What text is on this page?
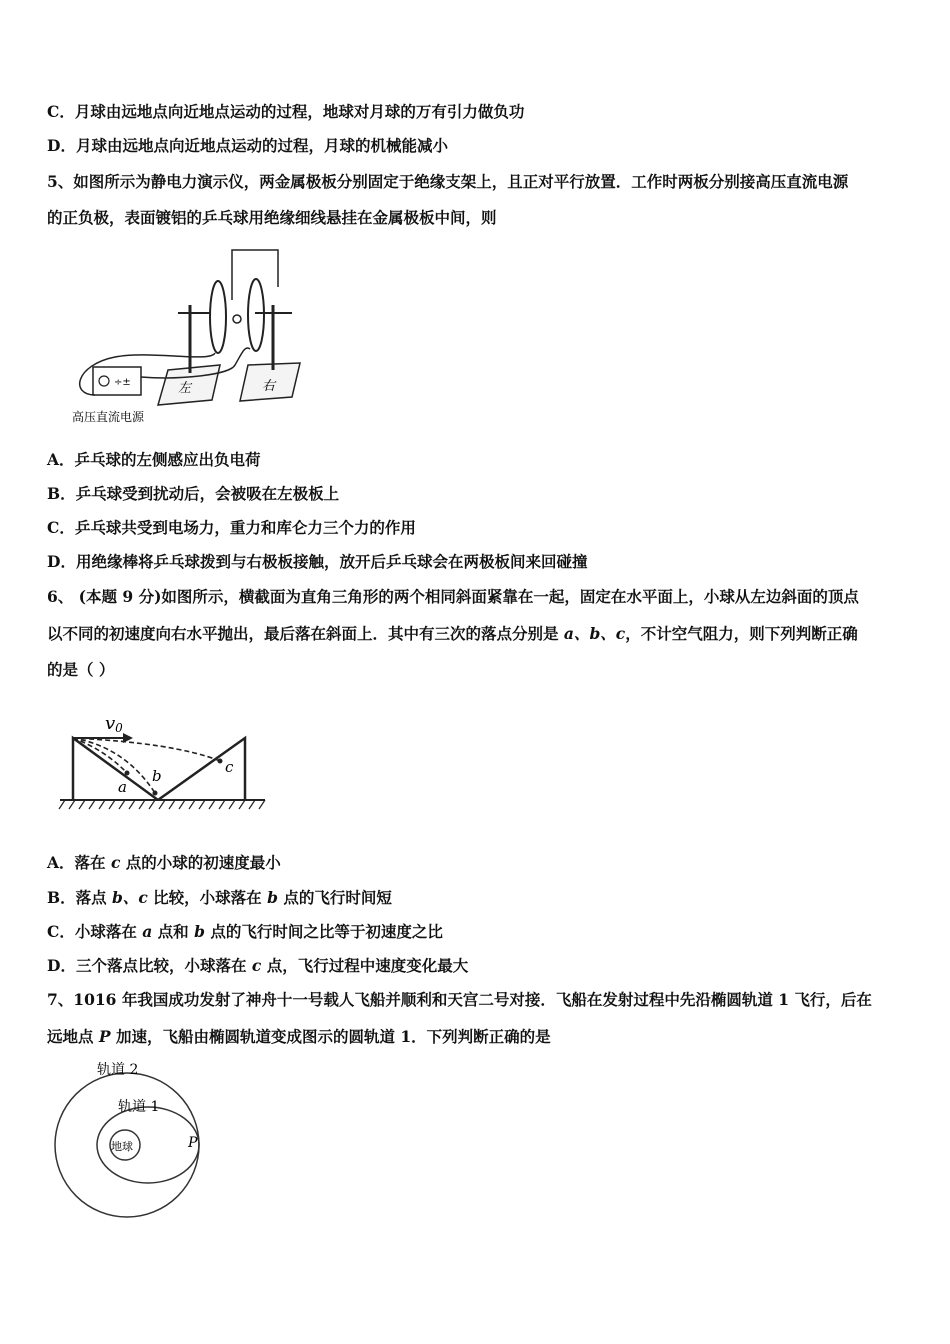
C．月球由远地点向近地点运动的过程，地球对月球的万有引力做负功
D．月球由远地点向近地点运动的过程，月球的机械能减小
5、如图所示为静电力演示仪，两金属极板分别固定于绝缘支架上，且正对平行放置．工作时两板分别接高压直流电源
的正负极，表面镀铝的乒乓球用绝缘细线悬挂在金属极板中间，则
÷±	左	右
高压直流电源
A．乒乓球的左侧感应出负电荷
B．乒乓球受到扰动后，会被吸在左极板上
C．乒乓球共受到电场力，重力和库仑力三个力的作用
D．用绝缘棒将乒乓球拨到与右极板接触，放开后乒乓球会在两极板间来回碰撞
6、 (本题 9 分)如图所示，横截面为直角三角形的两个相同斜面紧靠在一起，固定在水平面上，小球从左边斜面的顶点
以不同的初速度向右水平抛出，最后落在斜面上．其中有三次的落点分别是 a、b、c，不计空气阻力，则下列判断正确
的是（ ）
v0
a
b	c
A．落在 c 点的小球的初速度最小
B．落点 b、c 比较，小球落在 b 点的飞行时间短
C．小球落在 a 点和 b 点的飞行时间之比等于初速度之比
D．三个落点比较，小球落在 c 点，飞行过程中速度变化最大
7、1016 年我国成功发射了神舟十一号载人飞船并顺利和天宫二号对接．飞船在发射过程中先沿椭圆轨道 1 飞行，后在
远地点 P 加速，飞船由椭圆轨道变成图示的圆轨道 1．下列判断正确的是
地球
轨道 2
轨道 1
P
